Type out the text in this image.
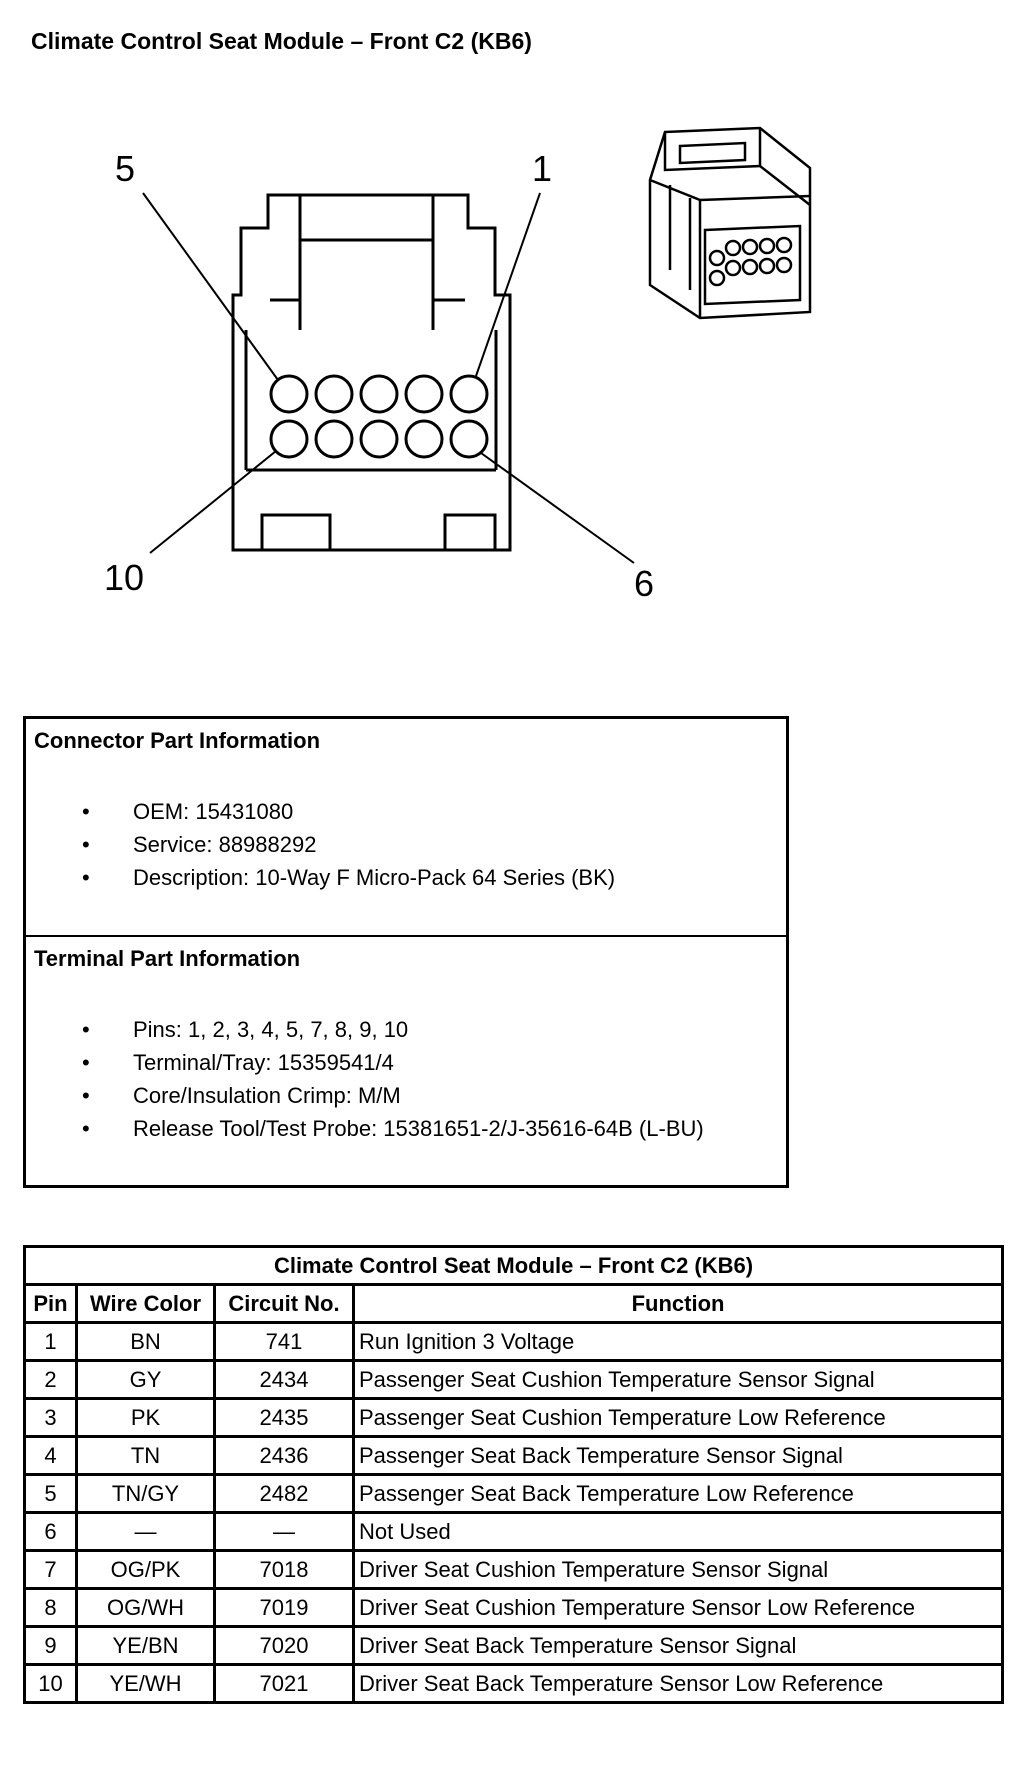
Climate Control Seat Module – Front C2 (KB6)
5	1
10	6
Connector Part Information
• OEM: 15431080
• Service: 88988292
• Description: 10-Way F Micro-Pack 64 Series (BK)
Terminal Part Information
• Pins: 1, 2, 3, 4, 5, 7, 8, 9, 10
• Terminal/Tray: 15359541/4
• Core/Insulation Crimp: M/M
• Release Tool/Test Probe: 15381651-2/J-35616-64B (L-BU)
Climate Control Seat Module – Front C2 (KB6)			
Pin	Wire Color	Circuit No.	Function
1	BN	741	Run Ignition 3 Voltage
2	GY	2434	Passenger Seat Cushion Temperature Sensor Signal
3	PK	2435	Passenger Seat Cushion Temperature Low Reference
4	TN	2436	Passenger Seat Back Temperature Sensor Signal
5	TN/GY	2482	Passenger Seat Back Temperature Low Reference
6	—	—	Not Used
7	OG/PK	7018	Driver Seat Cushion Temperature Sensor Signal
8	OG/WH	7019	Driver Seat Cushion Temperature Sensor Low Reference
9	YE/BN	7020	Driver Seat Back Temperature Sensor Signal
10	YE/WH	7021	Driver Seat Back Temperature Sensor Low Reference
